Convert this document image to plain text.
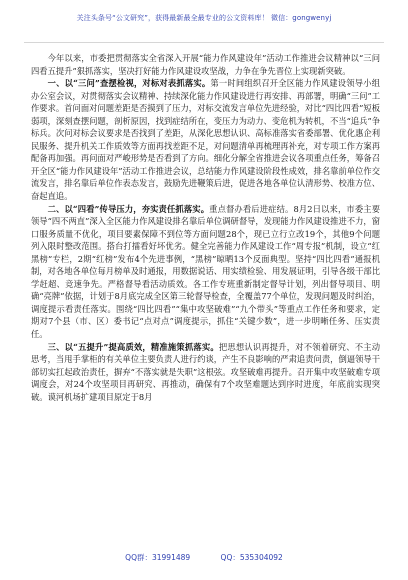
关注头条号“公文研究”，获得最新最全最专业的公文资料库！ 微信：gongwenyj

今年以来，市委把贯彻落实全省深入开展“能力作风建设年”活动工作推进会议精神以“三问四看五提升”狠抓落实，坚决打好能力作风建设攻坚战，力争在争先晋位上实现新突破。

一、以“三问”查摆检视，对标对表抓落实。第一时间组织召开全区能力作风建设领导小组办公室会议，对贯彻落实会议精神、持续深化能力作风建设进行再安排、再部署，明确“三问”工作要求。首问面对问题差距是否摸到了压力，对标交流发言单位先进经验，对比“四比四看”短板弱项，深刻查摆问题，剖析原因，找到症结所在，变压力为动力、变危机为转机，不当“追兵”争标兵。次问对标会议要求是否找到了差距，从深化思想认识、高标准落实省委部署、优化惠企利民服务、提升机关工作质效等方面再找差距不足，对问题清单再梳理再补充，对专项工作方案再配备再加强。再问面对严峻形势是否看到了方向。细化分解全省推进会议各项重点任务，筹备召开全区“能力作风建设年”活动工作推进会议，总结能力作风建设阶段性成效，排名靠前单位作交流发言，排名靠后单位作表态发言，鼓励先进鞭策后进，促进各地各单位认清形势、校准方位、奋起直追。

二、以“四看”传导压力，夯实责任抓落实。重点督办看后进症结。8月2日以来，市委主要领导“四不两直”深入全区能力作风建设排名靠后单位调研督导，发现能力作风建设推进不力，窗口服务质量不优化，项目要素保障不到位等方面问题28个，现已立行立改19个，其他9个问题列入限时整改范围。搭台打擂看好坏优劣。健全完善能力作风建设工作“周专报”机制，设立“红黑榜”专栏，2期“红榜”发布4个先进事例，“黑榜”晾晒13个反面典型。坚持“四比四看”通报机制，对各地各单位每月榜单及时通报，用数据说话、用实绩检验、用发展证明，引导各级干部比学赶超、竞速争先。严格督导看活动质效。各工作专班重新制定督导计划，列出督导项目、明确“亮牌”依据，计划于8月底完成全区第三轮督导检查，全覆盖77个单位，发现问题及时纠治，调度提示看责任落实。围绕“四比四看”“集中攻坚破难”“九个带头”等重点工作任务和要求，定期对7个县（市、区）委书记“点对点”调度提示，抓住“关键少数”，进一步明晰任务、压实责任。

三、以“五提升”提高质效，精准施策抓落实。把思想认识再提升，对不领着研究、不主动思考，当甩手掌柜的有关单位主要负责人进行约谈，产生不良影响的严肃追责问责，倒逼领导干部切实扛起政治责任，摒弃“不落实就是失职”这根弦。攻坚破难再提升。召开集中攻坚破难专项调度会，对24个攻坚项目再研究、再推动，确保有7个攻坚难题达到序时进度，年底前实现突破。谟河机场扩建项目原定于8月

QQ群：31991489	QQ：535304092
